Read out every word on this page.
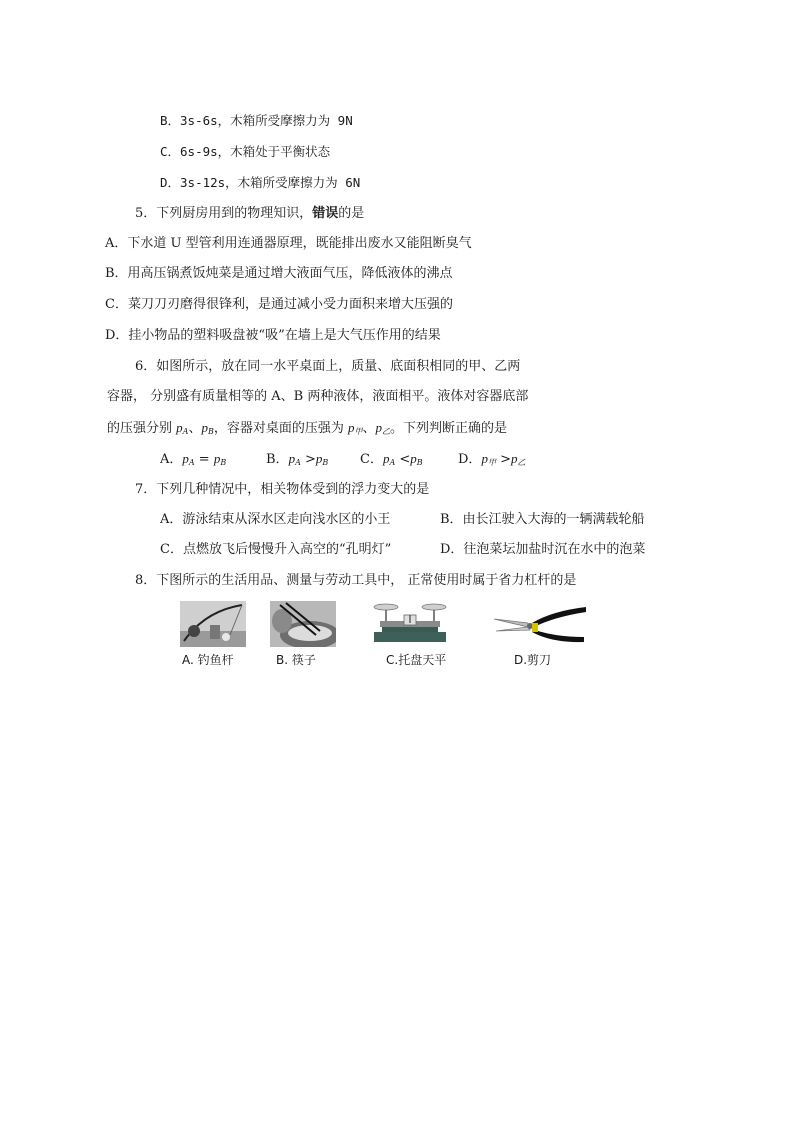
B．3s-6s，木箱所受摩擦力为 9N
C．6s-9s，木箱处于平衡状态
D．3s-12s，木箱所受摩擦力为 6N
5．下列厨房用到的物理知识，错误的是
A．下水道 U 型管利用连通器原理，既能排出废水又能阻断臭气
B．用高压锅煮饭炖菜是通过增大液面气压，降低液体的沸点
C．菜刀刀刃磨得很锋利，是通过减小受力面积来增大压强的
D．挂小物品的塑料吸盘被“吸”在墙上是大气压作用的结果
6．如图所示，放在同一水平桌面上，质量、底面积相同的甲、乙两
容器， 分别盛有质量相等的 A、B 两种液体，液面相平。液体对容器底部
的压强分别 $p_A$、$p_B$，容器对桌面的压强为 $p_甲$、$p_乙$。下列判断正确的是
A．$p_A = p_B$	B．$p_A >p_B$ C．$p_A <p_B$	D．$p_甲 >p_乙$
7．下列几种情况中，相关物体受到的浮力变大的是
A．游泳结束从深水区走向浅水区的小王	B．由长江驶入大海的一辆满载轮船
C．点燃放飞后慢慢升入高空的“孔明灯”	D．往泡菜坛加盐时沉在水中的泡菜
8．下图所示的生活用品、测量与劳动工具中， 正常使用时属于省力杠杆的是
A. 钓鱼杆	B. 筷子	C.托盘天平	D.剪刀
